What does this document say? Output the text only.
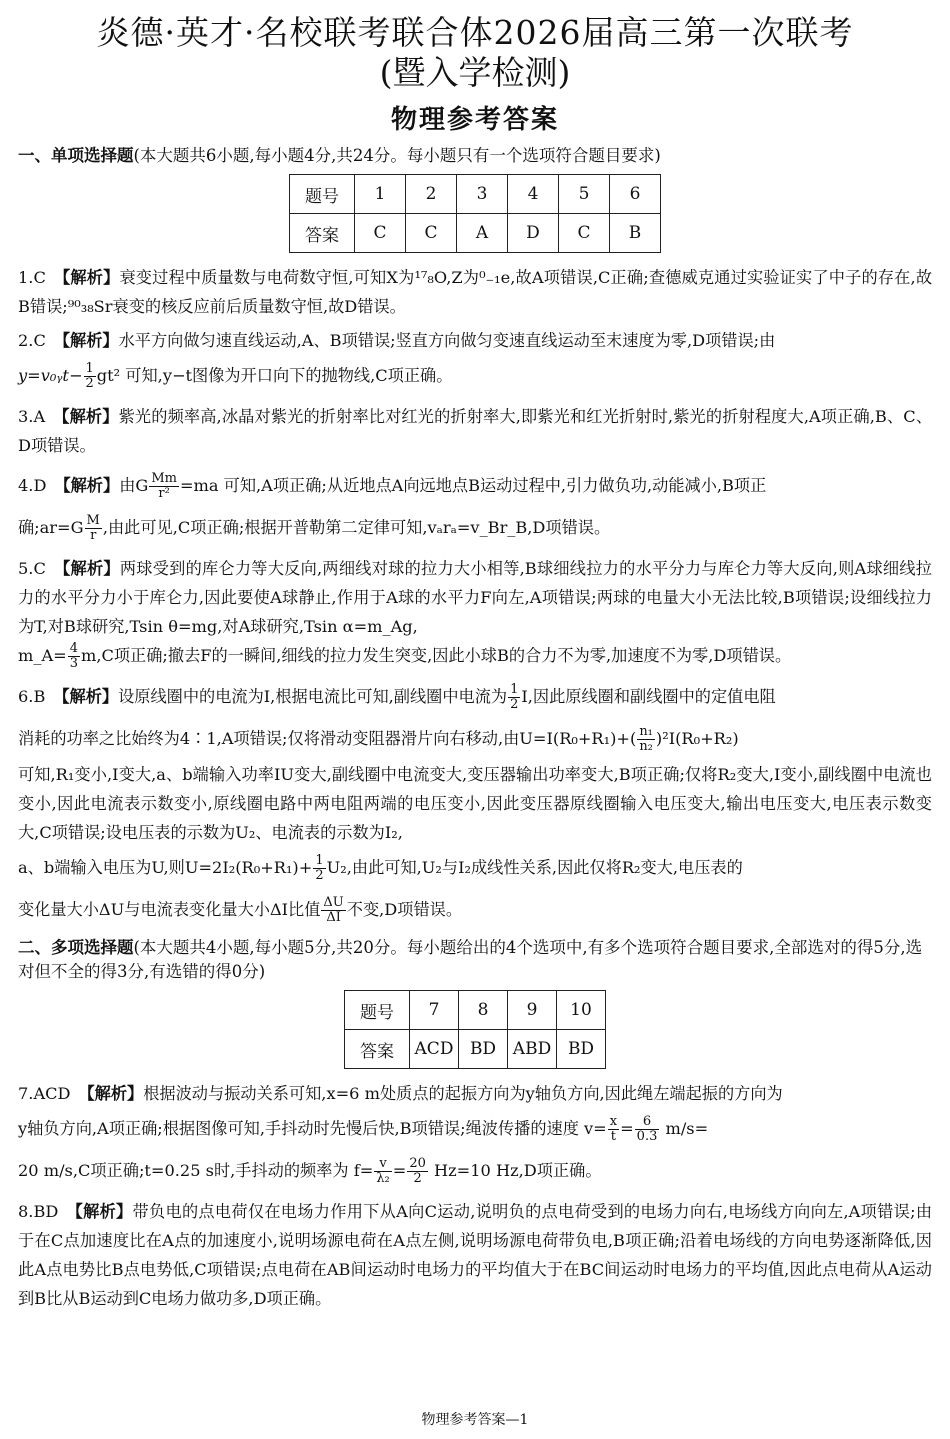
炎德·英才·名校联考联合体2026届高三第一次联考
(暨入学检测)
物理参考答案
一、单项选择题(本大题共6小题,每小题4分,共24分。每小题只有一个选项符合题目要求)
题号	1	2	3	4	5	6
答案	C	C	A	D	C	B
1.C 【解析】衰变过程中质量数与电荷数守恒,可知X为¹⁷₈O,Z为⁰₋₁e,故A项错误,C正确;查德威克通过实验证实了中子的存在,故B错误;⁹⁰₃₈Sr衰变的核反应前后质量数守恒,故D错误。

2.C 【解析】水平方向做匀速直线运动,A、B项错误;竖直方向做匀变速直线运动至末速度为零,D项错误;由

y=v₀ᵧt− $\frac{1}{2} gt^2$ 可知,y−t图像为开口向下的抛物线,C项正确。

3.A 【解析】紫光的频率高,冰晶对紫光的折射率比对红光的折射率大,即紫光和红光折射时,紫光的折射程度大,A项正确,B、C、D项错误。

4.D 【解析】由G $\frac{Mm}{\text{r²}} =ma$ 可知,A项正确;从近地点A向远地点B运动过程中,引力做负功,动能减小,B项正

确;ar=G $\frac{M}{r}$ ,由此可见,C项正确;根据开普勒第二定律可知,vₐrₐ=v_Br_B,D项错误。

5.C 【解析】两球受到的库仑力等大反向,两细线对球的拉力大小相等,B球细线拉力的水平分力与库仑力等大反向,则A球细线拉力的水平分力小于库仑力,因此要使A球静止,作用于A球的水平力F向左,A项错误;两球的电量大小无法比较,B项错误;设细线拉力为T,对B球研究,Tsin θ=mg,对A球研究,Tsin α=m_Ag,

m_A= $\frac{4}{3} m,C$项正确;撤去F的一瞬间,细线的拉力发生突变,因此小球B的合力不为零,加速度不为零,D项错误。

6.B 【解析】设原线圈中的电流为I,根据电流比可知,副线圈中电流为 $\frac{1}{2} I$,因此原线圈和副线圈中的定值电阻

消耗的功率之比始终为4∶1,A项错误;仅将滑动变阻器滑片向右移动,由$U=I(R_0+R_1)+( \frac{\text{n₁}}{\text{n₂}} )^2I(R_0+R_2)$

可知,R₁变小,I变大,a、b端输入功率IU变大,副线圈中电流变大,变压器输出功率变大,B项正确;仅将R₂变大,I变小,副线圈中电流也变小,因此电流表示数变小,原线圈电路中两电阻两端的电压变小,因此变压器原线圈输入电压变大,输出电压变大,电压表示数变大,C项错误;设电压表的示数为U₂、电流表的示数为I₂,

a、b端输入电压为U,则$U=2I_2(R_0+R_1)+ \frac{1}{2} U_2$,由此可知,U₂与I₂成线性关系,因此仅将R₂变大,电压表的

变化量大小ΔU与电流表变化量大小ΔI比值 $\frac{\Delta U}{\Delta I}$ 不变,D项错误。

二、多项选择题(本大题共4小题,每小题5分,共20分。每小题给出的4个选项中,有多个选项符合题目要求,全部选对的得5分,选对但不全的得3分,有选错的得0分)
题号	7	8	9	10
答案	ACD	BD	ABD	BD

7.ACD 【解析】根据波动与振动关系可知,x=6 m处质点的起振方向为y轴负方向,因此绳左端起振的方向为

y轴负方向,A项正确;根据图像可知,手抖动时先慢后快,B项错误;绳波传播的速度 $v= \frac{x}{t} = \frac{6}{0.3} m/s=$

20 m/s,C项正确;t=0.25 s时,手抖动的频率为 $f= \frac{v}{\text{λ₂}} = \frac{20}{2} Hz=10$ Hz,D项正确。

8.BD 【解析】带负电的点电荷仅在电场力作用下从A向C运动,说明负的点电荷受到的电场力向右,电场线方向向左,A项错误;由于在C点加速度比在A点的加速度小,说明场源电荷在A点左侧,说明场源电荷带负电,B项正确;沿着电场线的方向电势逐渐降低,因此A点电势比B点电势低,C项错误;点电荷在AB间运动时电场力的平均值大于在BC间运动时电场力的平均值,因此点电荷从A运动到B比从B运动到C电场力做功多,D项正确。
物理参考答案—1
